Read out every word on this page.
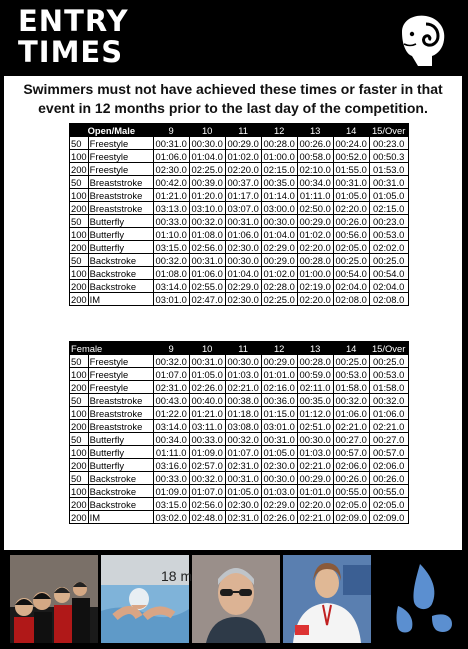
ENTRY
TIMES

Swimmers must not have achieved these times or faster in that event in 12 months prior to the last day of the competition.

Open/Male		9	10	11	12	13	14	15/Over
50	Freestyle	00:31.0	00:30.0	00:29.0	00:28.0	00:26.0	00:24.0	00:23.0
100	Freestyle	01:06.0	01:04.0	01:02.0	01:00.0	00:58.0	00:52.0	00:50.3
200	Freestyle	02:30.0	02:25.0	02:20.0	02:15.0	02:10.0	01:55.0	01:53.0
50	Breaststroke	00:42.0	00:39.0	00:37.0	00:35.0	00:34.0	00:31.0	00:31.0
100	Breaststroke	01:21.0	01:20.0	01:17.0	01:14.0	01:11.0	01:05.0	01:05.0
200	Breaststroke	03:13.0	03:10.0	03:07.0	03:00.0	02:50.0	02:20.0	02:15.0
50	Butterfly	00:33.0	00:32.0	00:31.0	00:30.0	00:29.0	00:26.0	00:23.0
100	Butterfly	01:10.0	01:08.0	01:06.0	01:04.0	01:02.0	00:56.0	00:53.0
200	Butterfly	03:15.0	02:56.0	02:30.0	02:29.0	02:20.0	02:05.0	02:02.0
50	Backstroke	00:32.0	00:31.0	00:30.0	00:29.0	00:28.0	00:25.0	00:25.0
100	Backstroke	01:08.0	01:06.0	01:04.0	01:02.0	01:00.0	00:54.0	00:54.0
200	Backstroke	03:14.0	02:55.0	02:29.0	02:28.0	02:19.0	02:04.0	02:04.0
200	IM	03:01.0	02:47.0	02:30.0	02:25.0	02:20.0	02:08.0	02:08.0
Female		9	10	11	12	13	14	15/Over
50	Freestyle	00:32.0	00:31.0	00:30.0	00:29.0	00:28.0	00:25.0	00:25.0
100	Freestyle	01:07.0	01:05.0	01:03.0	01:01.0	00:59.0	00:53.0	00:53.0
200	Freestyle	02:31.0	02:26.0	02:21.0	02:16.0	02:11.0	01:58.0	01:58.0
50	Breaststroke	00:43.0	00:40.0	00:38.0	00:36.0	00:35.0	00:32.0	00:32.0
100	Breaststroke	01:22.0	01:21.0	01:18.0	01:15.0	01:12.0	01:06.0	01:06.0
200	Breaststroke	03:14.0	03:11.0	03:08.0	03:01.0	02:51.0	02:21.0	02:21.0
50	Butterfly	00:34.0	00:33.0	00:32.0	00:31.0	00:30.0	00:27.0	00:27.0
100	Butterfly	01:11.0	01:09.0	01:07.0	01:05.0	01:03.0	00:57.0	00:57.0
200	Butterfly	03:16.0	02:57.0	02:31.0	02:30.0	02:21.0	02:06.0	02:06.0
50	Backstroke	00:33.0	00:32.0	00:31.0	00:30.0	00:29.0	00:26.0	00:26.0
100	Backstroke	01:09.0	01:07.0	01:05.0	01:03.0	01:01.0	00:55.0	00:55.0
200	Backstroke	03:15.0	02:56.0	02:30.0	02:29.0	02:20.0	02:05.0	02:05.0
200	IM	03:02.0	02:48.0	02:31.0	02:26.0	02:21.0	02:09.0	02:09.0
18 m
